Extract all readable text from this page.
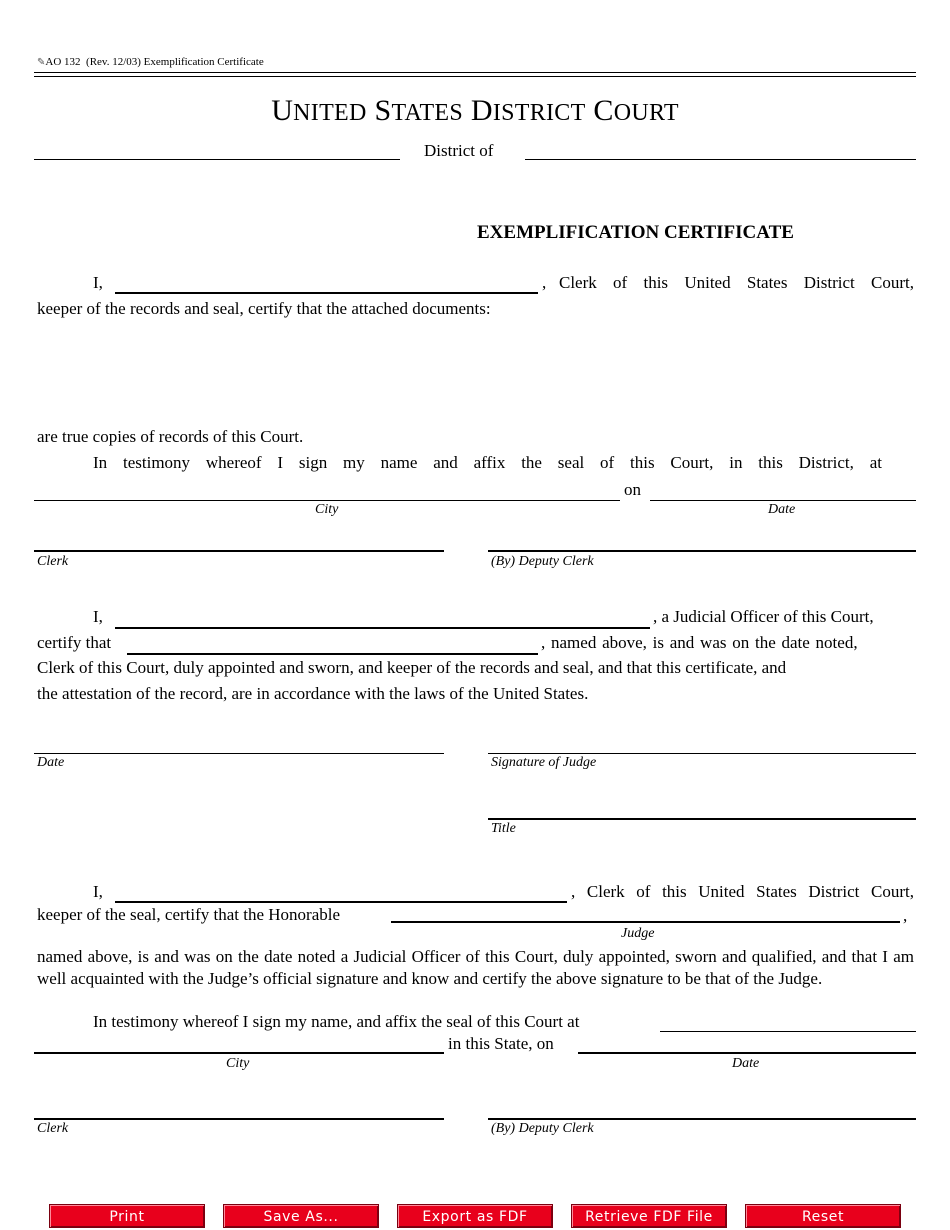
✎AO 132 (Rev. 12/03) Exemplification Certificate
UNITED STATES DISTRICT COURT
District of
EXEMPLIFICATION CERTIFICATE
I,	, Clerk of this United States District Court,
keeper of the records and seal, certify that the attached documents:
are true copies of records of this Court.
In testimony whereof I sign my name and affix the seal of this Court, in this District, at
on
City	Date
Clerk	(By) Deputy Clerk
I,	, a Judicial Officer of this Court,
certify that	, named above, is and was on the date noted,
Clerk of this Court, duly appointed and sworn, and keeper of the records and seal, and that this certificate, and
the attestation of the record, are in accordance with the laws of the United States.
Date	Signature of Judge
Title
I,	, Clerk of this United States District Court,
keeper of the seal, certify that the Honorable	,
Judge
named above, is and was on the date noted a Judicial Officer of this Court, duly appointed, sworn and qualified, and that I am well acquainted with the Judge’s official signature and know and certify the above signature to be that of the Judge.
In testimony whereof I sign my name, and affix the seal of this Court at
in this State, on
City	Date
Clerk	(By) Deputy Clerk
Print	Save As...	Export as FDF	Retrieve FDF File	Reset
